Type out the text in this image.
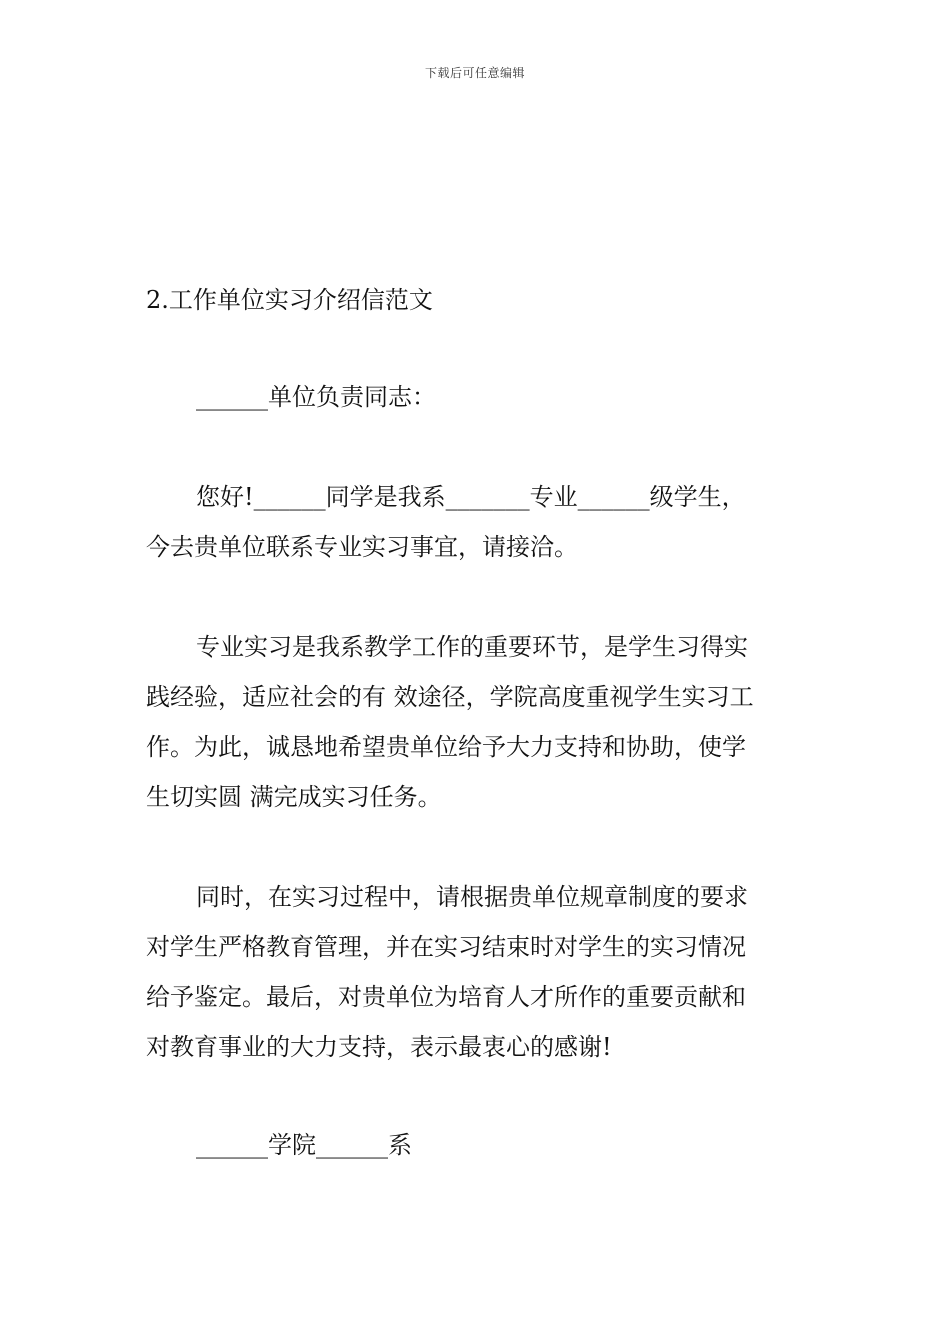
下载后可任意编辑
2.工作单位实习介绍信范文
______单位负责同志：
您好!______同学是我系_______专业______级学生，
今去贵单位联系专业实习事宜，请接洽。
专业实习是我系教学工作的重要环节，是学生习得实
践经验，适应社会的有 效途径，学院高度重视学生实习工
作。为此，诚恳地希望贵单位给予大力支持和协助，使学
生切实圆 满完成实习任务。
同时，在实习过程中，请根据贵单位规章制度的要求
对学生严格教育管理，并在实习结束时对学生的实习情况
给予鉴定。最后，对贵单位为培育人才所作的重要贡献和
对教育事业的大力支持，表示最衷心的感谢!
______学院______系
